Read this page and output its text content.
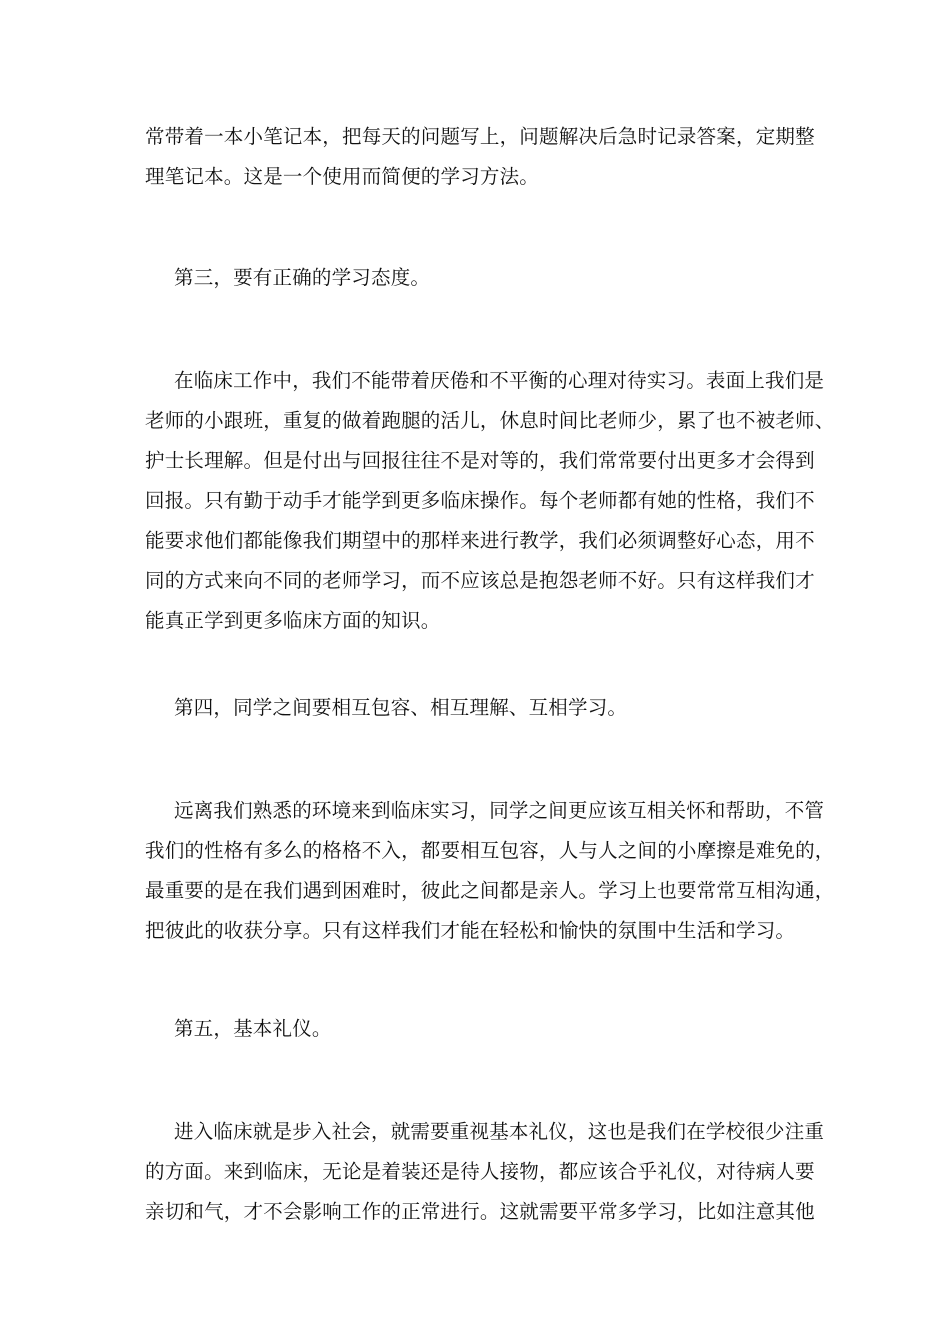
常带着一本小笔记本，把每天的问题写上，问题解决后急时记录答案，定期整
理笔记本。这是一个使用而简便的学习方法。
第三，要有正确的学习态度。
在临床工作中，我们不能带着厌倦和不平衡的心理对待实习。表面上我们是
老师的小跟班，重复的做着跑腿的活儿，休息时间比老师少，累了也不被老师、
护士长理解。但是付出与回报往往不是对等的，我们常常要付出更多才会得到
回报。只有勤于动手才能学到更多临床操作。每个老师都有她的性格，我们不
能要求他们都能像我们期望中的那样来进行教学，我们必须调整好心态，用不
同的方式来向不同的老师学习，而不应该总是抱怨老师不好。只有这样我们才
能真正学到更多临床方面的知识。
第四，同学之间要相互包容、相互理解、互相学习。
远离我们熟悉的环境来到临床实习，同学之间更应该互相关怀和帮助，不管
我们的性格有多么的格格不入，都要相互包容，人与人之间的小摩擦是难免的，
最重要的是在我们遇到困难时，彼此之间都是亲人。学习上也要常常互相沟通，
把彼此的收获分享。只有这样我们才能在轻松和愉快的氛围中生活和学习。
第五，基本礼仪。
进入临床就是步入社会，就需要重视基本礼仪，这也是我们在学校很少注重
的方面。来到临床，无论是着装还是待人接物，都应该合乎礼仪，对待病人要
亲切和气，才不会影响工作的正常进行。这就需要平常多学习，比如注意其他
